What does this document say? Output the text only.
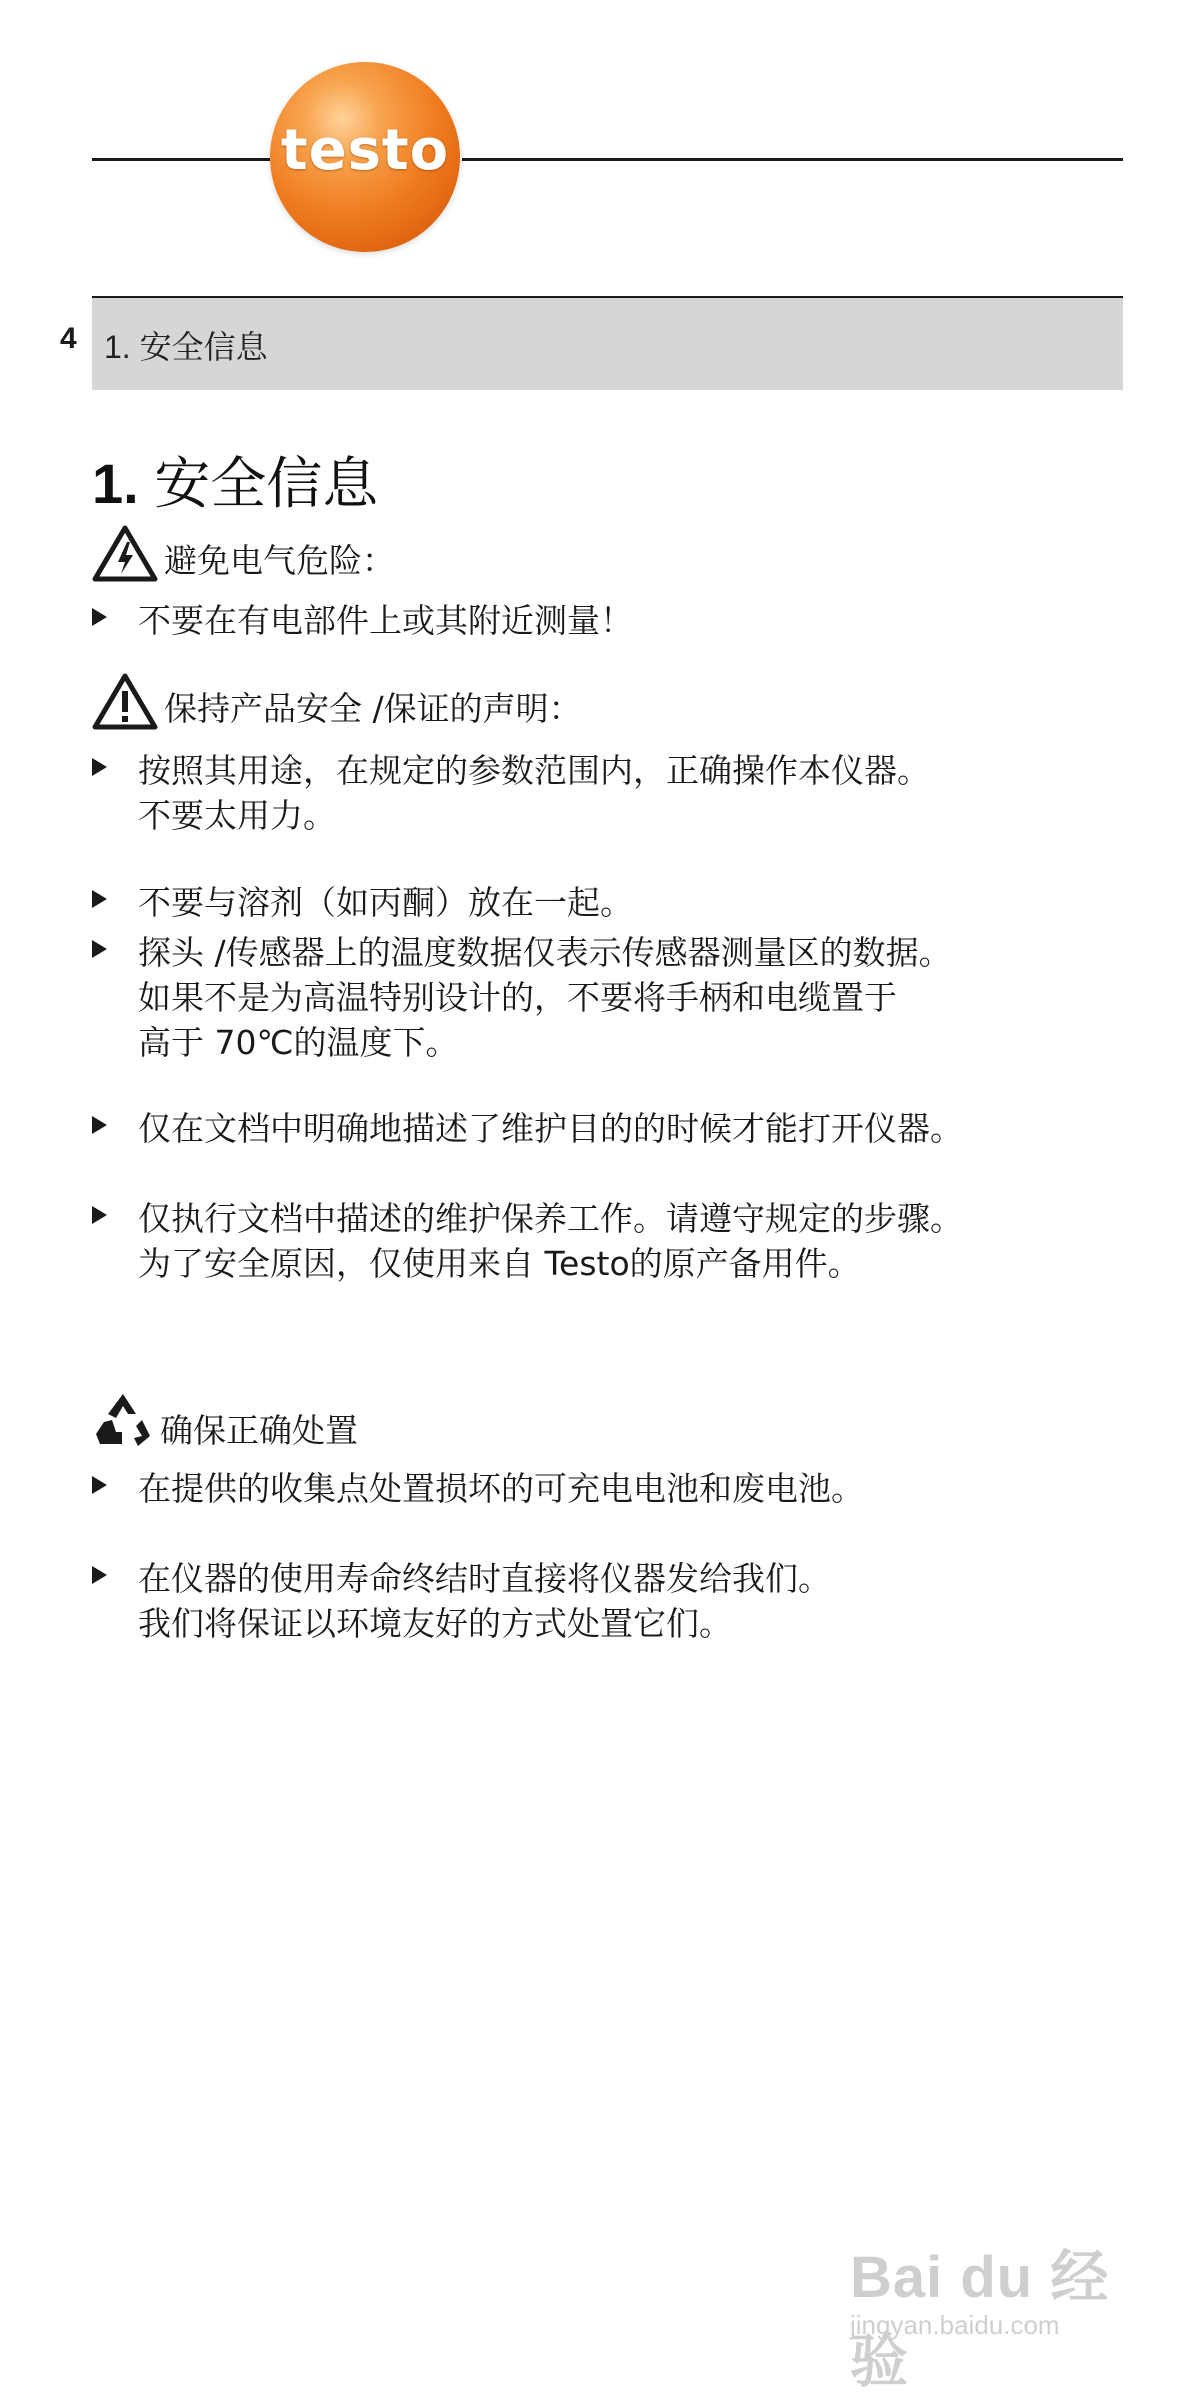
testo
4 1. 安全信息
1. 安全信息
避免电气危险：
不要在有电部件上或其附近测量！
保持产品安全 /保证的声明：
按照其用途，在规定的参数范围内，正确操作本仪器。
不要太用力。
不要与溶剂（如丙酮）放在一起。
探头 /传感器上的温度数据仅表示传感器测量区的数据。
如果不是为高温特别设计的，不要将手柄和电缆置于
高于 70℃的温度下。
仅在文档中明确地描述了维护目的的时候才能打开仪器。
仅执行文档中描述的维护保养工作。请遵守规定的步骤。
为了安全原因，仅使用来自 Testo的原产备用件。
确保正确处置
在提供的收集点处置损坏的可充电电池和废电池。
在仪器的使用寿命终结时直接将仪器发给我们。
我们将保证以环境友好的方式处置它们。
Bai du 经验
jingyan.baidu.com
